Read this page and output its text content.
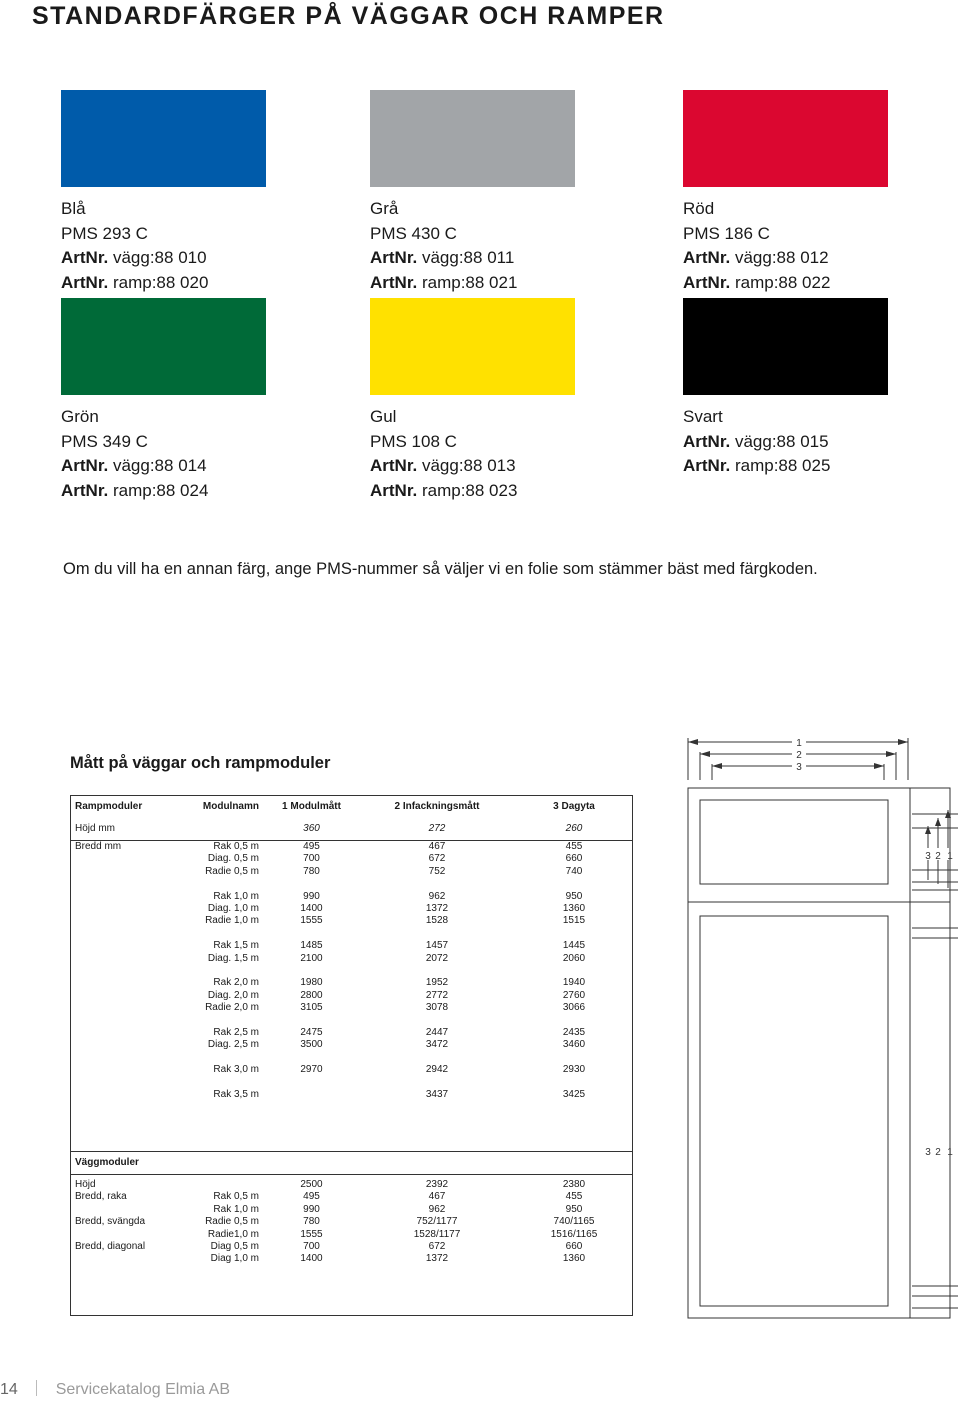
STANDARDFÄRGER PÅ VÄGGAR OCH RAMPER
Blå
PMS 293 C
ArtNr. vägg:88 010
ArtNr. ramp:88 020
Grå
PMS 430 C
ArtNr. vägg:88 011
ArtNr. ramp:88 021
Röd
PMS 186 C
ArtNr. vägg:88 012
ArtNr. ramp:88 022
Grön
PMS 349 C
ArtNr. vägg:88 014
ArtNr. ramp:88 024
Gul
PMS 108 C
ArtNr. vägg:88 013
ArtNr. ramp:88 023
Svart
ArtNr. vägg:88 015
ArtNr. ramp:88 025
Om du vill ha en annan färg, ange PMS-nummer så väljer vi en folie som stämmer bäst med färgkoden.
Mått på väggar och rampmoduler
1
2
3
3 2 1
3 2 1
Rampmoduler	Modulnamn	1 Modulmått	2 Infackningsmått	3 Dagyta
Höjd mm		360	272	260
Bredd mm	Rak 0,5 m	495	467	455
	Diag. 0,5 m	700	672	660
	Radie 0,5 m	780	752	740

	Rak 1,0 m	990	962	950
	Diag. 1,0 m	1400	1372	1360
	Radie 1,0 m	1555	1528	1515

	Rak 1,5 m	1485	1457	1445
	Diag. 1,5 m	2100	2072	2060

	Rak 2,0 m	1980	1952	1940
	Diag. 2,0 m	2800	2772	2760
	Radie 2,0 m	3105	3078	3066

	Rak 2,5 m	2475	2447	2435
	Diag. 2,5 m	3500	3472	3460

	Rak 3,0 m	2970	2942	2930

	Rak 3,5 m		3437	3425

Väggmoduler				

Höjd		2500	2392	2380
Bredd, raka	Rak 0,5 m	495	467	455
	Rak 1,0 m	990	962	950
Bredd, svängda	Radie 0,5 m	780	752/1177	740/1165
	Radie1,0 m	1555	1528/1177	1516/1165
Bredd, diagonal	Diag 0,5 m	700	672	660
	Diag 1,0 m	1400	1372	1360

14 Servicekatalog Elmia AB
